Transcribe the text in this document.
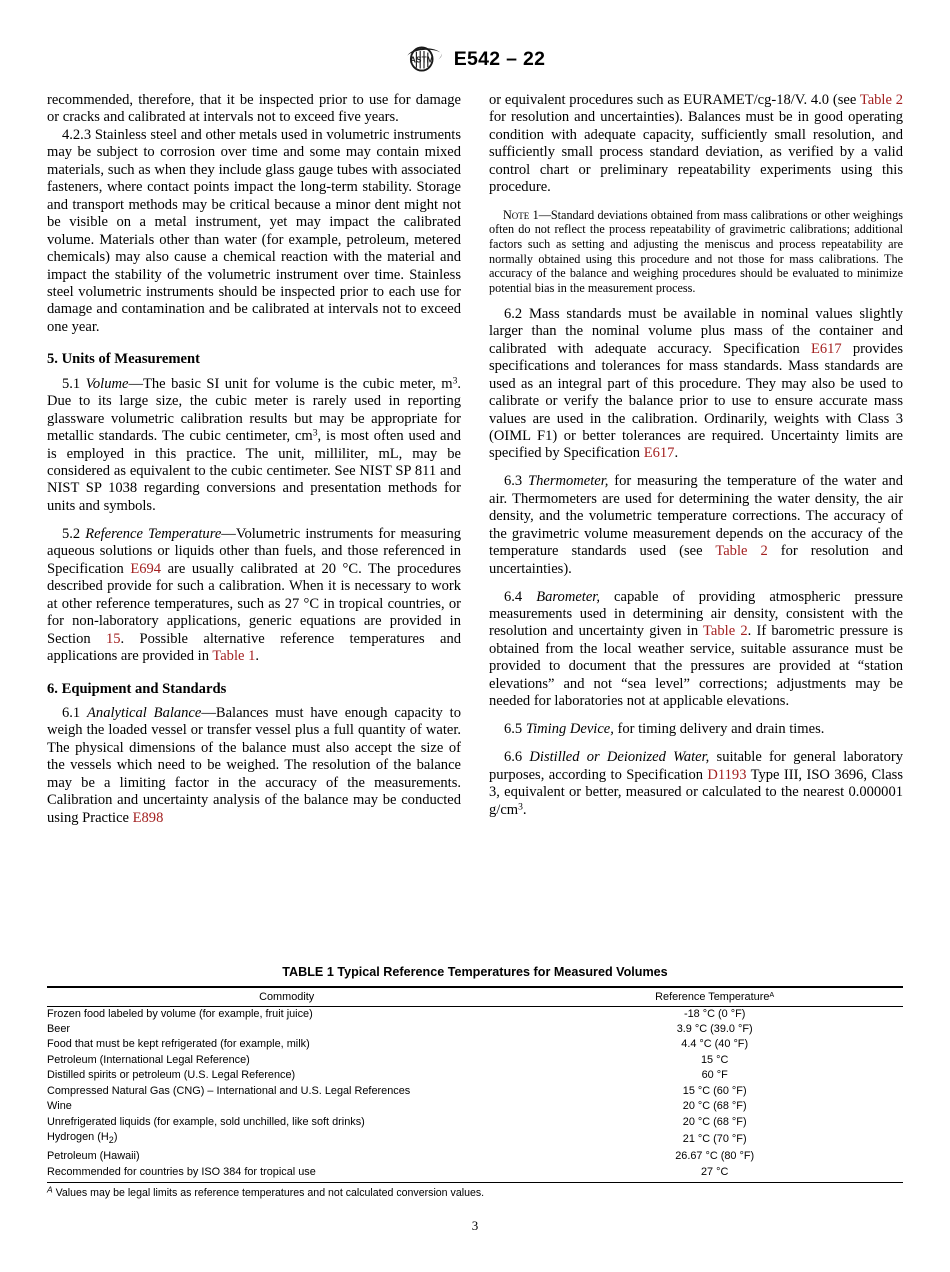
ASTM E542 – 22

recommended, therefore, that it be inspected prior to use for damage or cracks and calibrated at intervals not to exceed five years.

4.2.3 Stainless steel and other metals used in volumetric instruments may be subject to corrosion over time and some may contain mixed materials, such as when they include glass gauge tubes with associated fasteners, where contact points impact the long-term stability. Storage and transport methods may be critical because a minor dent might not be visible on a metal instrument, yet may impact the calibrated volume. Materials other than water (for example, petroleum, metered chemicals) may also cause a chemical reaction with the material and impact the stability of the volumetric instrument over time. Stainless steel volumetric instruments should be inspected prior to each use for damage and contamination and be calibrated at intervals not to exceed one year.

5. Units of Measurement

5.1 Volume—The basic SI unit for volume is the cubic meter, $m^3$. Due to its large size, the cubic meter is rarely used in reporting glassware volumetric calibration results but may be appropriate for metallic standards. The cubic centimeter, $cm^3$, is most often used and is employed in this practice. The unit, milliliter, mL, may be considered as equivalent to the cubic centimeter. See NIST SP 811 and NIST SP 1038 regarding conversions and presentation methods for units and symbols.

5.2 Reference Temperature—Volumetric instruments for measuring aqueous solutions or liquids other than fuels, and those referenced in Specification E694 are usually calibrated at 20 °C. The procedures described provide for such a calibration. When it is necessary to work at other reference temperatures, such as 27 °C in tropical countries, or for non-laboratory applications, generic equations are provided in Section 15. Possible alternative reference temperatures and applications are provided in Table 1.

6. Equipment and Standards

6.1 Analytical Balance—Balances must have enough capacity to weigh the loaded vessel or transfer vessel plus a full quantity of water. The physical dimensions of the balance must also accept the size of the vessels which need to be weighed. The resolution of the balance may be a limiting factor in the accuracy of the measurements. Calibration and uncertainty analysis of the balance may be conducted using Practice E898

or equivalent procedures such as EURAMET/cg-18/V. 4.0 (see Table 2 for resolution and uncertainties). Balances must be in good operating condition with adequate capacity, sufficiently small resolution, and sufficiently small process standard deviation, as verified by a valid control chart or preliminary repeatability experiments using this procedure.

Note 1—Standard deviations obtained from mass calibrations or other weighings often do not reflect the process repeatability of gravimetric calibrations; additional factors such as setting and adjusting the meniscus and process repeatability are normally obtained using this procedure and not those for mass calibrations. The accuracy of the balance and weighing procedures should be evaluated to minimize potential bias in the measurement process.

6.2 Mass standards must be available in nominal values slightly larger than the nominal volume plus mass of the container and calibrated with adequate accuracy. Specification E617 provides specifications and tolerances for mass standards. Mass standards are used as an integral part of this procedure. They may also be used to calibrate or verify the balance prior to use to ensure accurate mass values are used in the calibration. Ordinarily, weights with Class 3 (OIML F1) or better tolerances are required. Uncertainty limits are specified by Specification E617.

6.3 Thermometer, for measuring the temperature of the water and air. Thermometers are used for determining the water density, the air density, and the volumetric temperature corrections. The accuracy of the gravimetric volume measurement depends on the accuracy of the temperature standards used (see Table 2 for resolution and uncertainties).

6.4 Barometer, capable of providing atmospheric pressure measurements used in determining air density, consistent with the resolution and uncertainty given in Table 2. If barometric pressure is obtained from the local weather service, suitable assurance must be provided to document that the pressures are provided at “station elevations” and not “sea level” corrections; adjustments may be needed for laboratories not at applicable elevations.

6.5 Timing Device, for timing delivery and drain times.

6.6 Distilled or Deionized Water, suitable for general laboratory purposes, according to Specification D1193 Type III, ISO 3696, Class 3, equivalent or better, measured or calculated to the nearest 0.000001 $g/cm^3$.

TABLE 1 Typical Reference Temperatures for Measured Volumes
Commodity	Reference Temperature$^A$
Frozen food labeled by volume (for example, fruit juice)	-18 °C (0 °F)
Beer	3.9 °C (39.0 °F)
Food that must be kept refrigerated (for example, milk)	4.4 °C (40 °F)
Petroleum (International Legal Reference)	15 °C
Distilled spirits or petroleum (U.S. Legal Reference)	60 °F
Compressed Natural Gas (CNG) – International and U.S. Legal References	15 °C (60 °F)
Wine	20 °C (68 °F)
Unrefrigerated liquids (for example, sold unchilled, like soft drinks)	20 °C (68 °F)
Hydrogen $(H_2)$	21 °C (70 °F)
Petroleum (Hawaii)	26.67 °C (80 °F)
Recommended for countries by ISO 384 for tropical use	27 °C
$^A$ Values may be legal limits as reference temperatures and not calculated conversion values.
3
